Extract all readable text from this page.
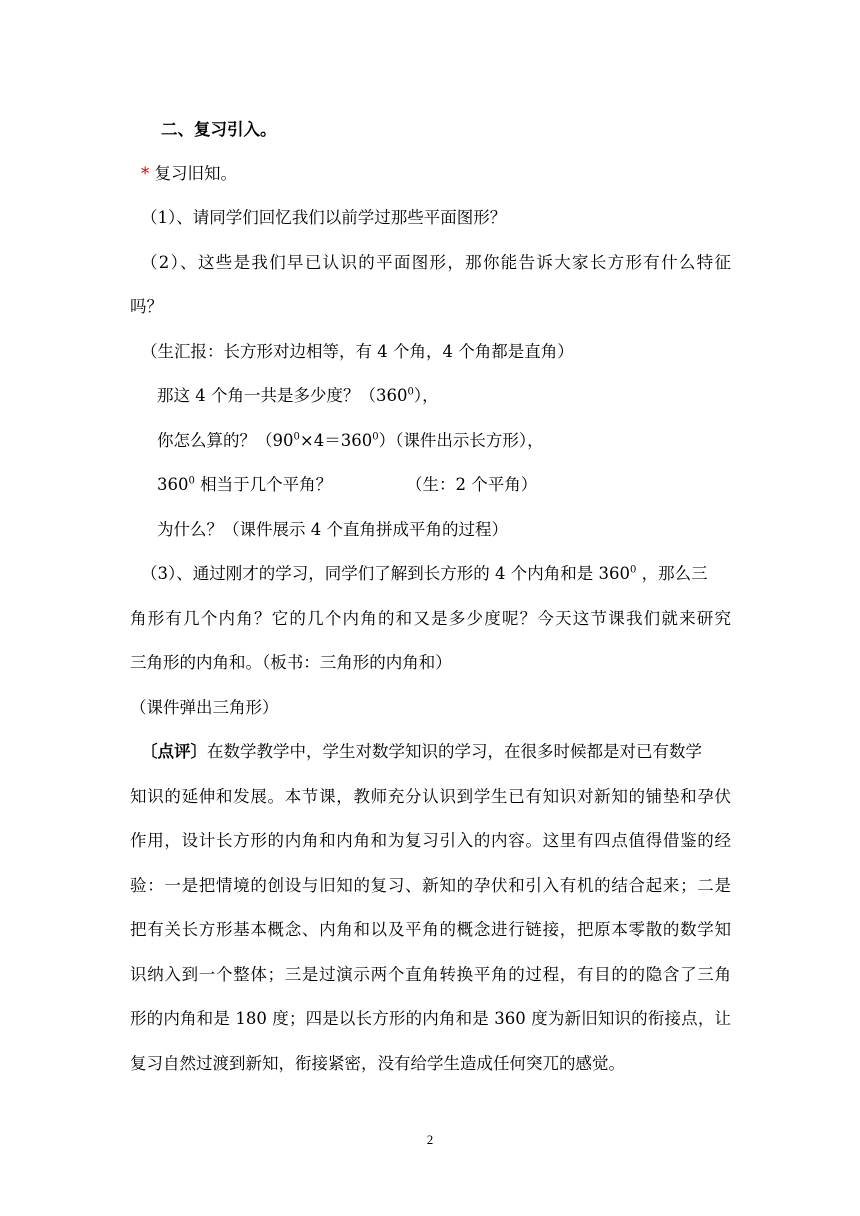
二、复习引入。
* 复习旧知。
（1）、请同学们回忆我们以前学过那些平面图形？
（2）、这些是我们早已认识的平面图形，那你能告诉大家长方形有什么特征
吗？
（生汇报：长方形对边相等，有 4 个角，4 个角都是直角）
那这 4 个角一共是多少度？$(360^0)$，
你怎么算的？$(90^0\times 4=360^0)$（课件出示长方形），
$360^0$ 相当于几个平角？	（生：2 个平角）
为什么？（课件展示 4 个直角拼成平角的过程）
（3）、通过刚才的学习，同学们了解到长方形的 4 个内角和是 $360^0$ ，那么三
角形有几个内角？它的几个内角的和又是多少度呢？今天这节课我们就来研究
三角形的内角和。（板书：三角形的内角和）
（课件弹出三角形）
〔点评〕在数学教学中，学生对数学知识的学习，在很多时候都是对已有数学
知识的延伸和发展。本节课，教师充分认识到学生已有知识对新知的铺垫和孕伏
作用，设计长方形的内角和内角和为复习引入的内容。这里有四点值得借鉴的经
验：一是把情境的创设与旧知的复习、新知的孕伏和引入有机的结合起来；二是
把有关长方形基本概念、内角和以及平角的概念进行链接，把原本零散的数学知
识纳入到一个整体；三是过演示两个直角转换平角的过程，有目的的隐含了三角
形的内角和是 180 度；四是以长方形的内角和是 360 度为新旧知识的衔接点，让
复习自然过渡到新知，衔接紧密，没有给学生造成任何突兀的感觉。
2
